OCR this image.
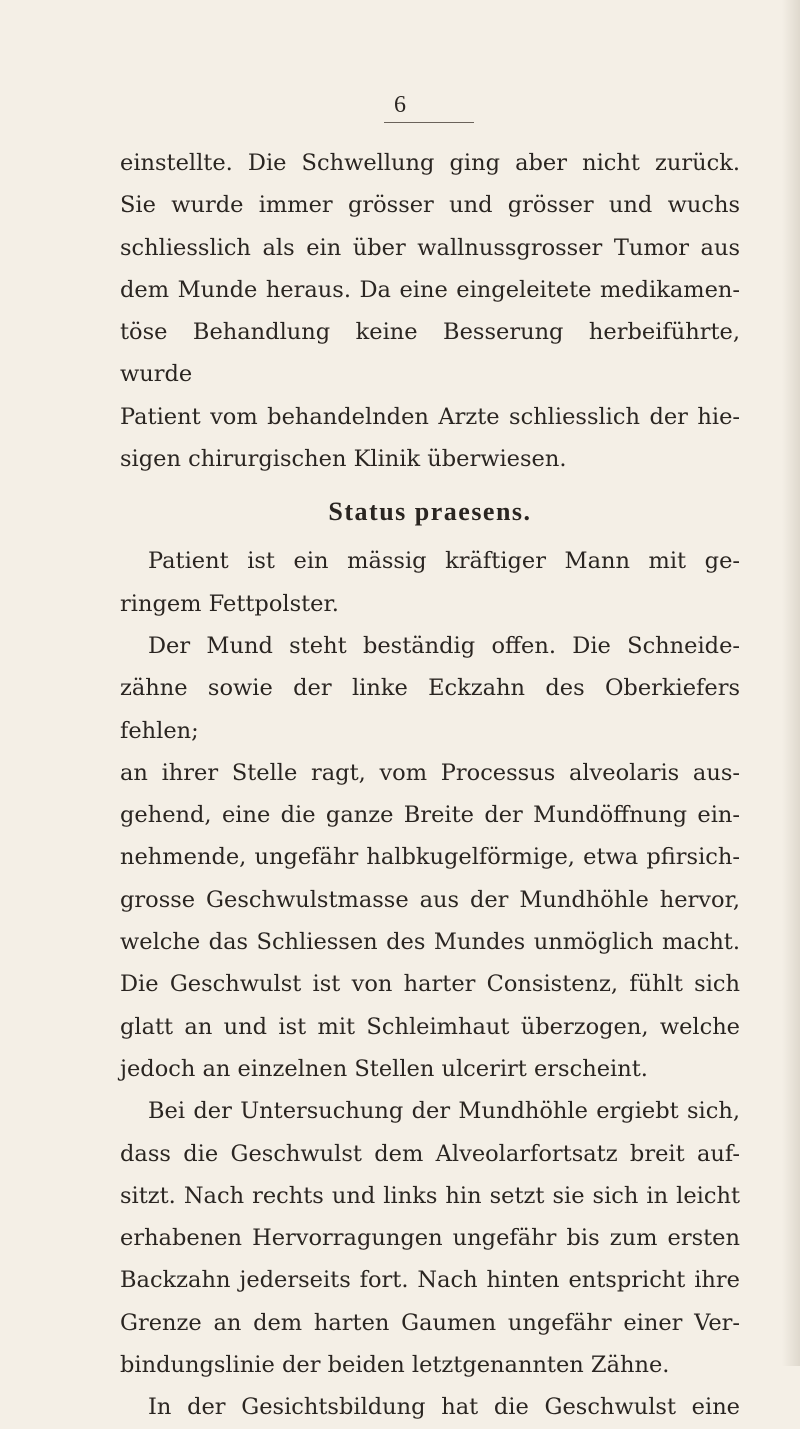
6

einstellte. Die Schwellung ging aber nicht zurück.

Sie wurde immer grösser und grösser und wuchs

schliesslich als ein über wallnussgrosser Tumor aus

dem Munde heraus. Da eine eingeleitete medikamen-

töse Behandlung keine Besserung herbeiführte, wurde

Patient vom behandelnden Arzte schliesslich der hie-

sigen chirurgischen Klinik überwiesen.

Status praesens.

Patient ist ein mässig kräftiger Mann mit ge-

ringem Fettpolster.

Der Mund steht beständig offen. Die Schneide-

zähne sowie der linke Eckzahn des Oberkiefers fehlen;

an ihrer Stelle ragt, vom Processus alveolaris aus-

gehend, eine die ganze Breite der Mundöffnung ein-

nehmende, ungefähr halbkugelförmige, etwa pfirsich-

grosse Geschwulstmasse aus der Mundhöhle hervor,

welche das Schliessen des Mundes unmöglich macht.

Die Geschwulst ist von harter Consistenz, fühlt sich

glatt an und ist mit Schleimhaut überzogen, welche

jedoch an einzelnen Stellen ulcerirt erscheint.

Bei der Untersuchung der Mundhöhle ergiebt sich,

dass die Geschwulst dem Alveolarfortsatz breit auf-

sitzt. Nach rechts und links hin setzt sie sich in leicht

erhabenen Hervorragungen ungefähr bis zum ersten

Backzahn jederseits fort. Nach hinten entspricht ihre

Grenze an dem harten Gaumen ungefähr einer Ver-

bindungslinie der beiden letztgenannten Zähne.

In der Gesichtsbildung hat die Geschwulst eine
